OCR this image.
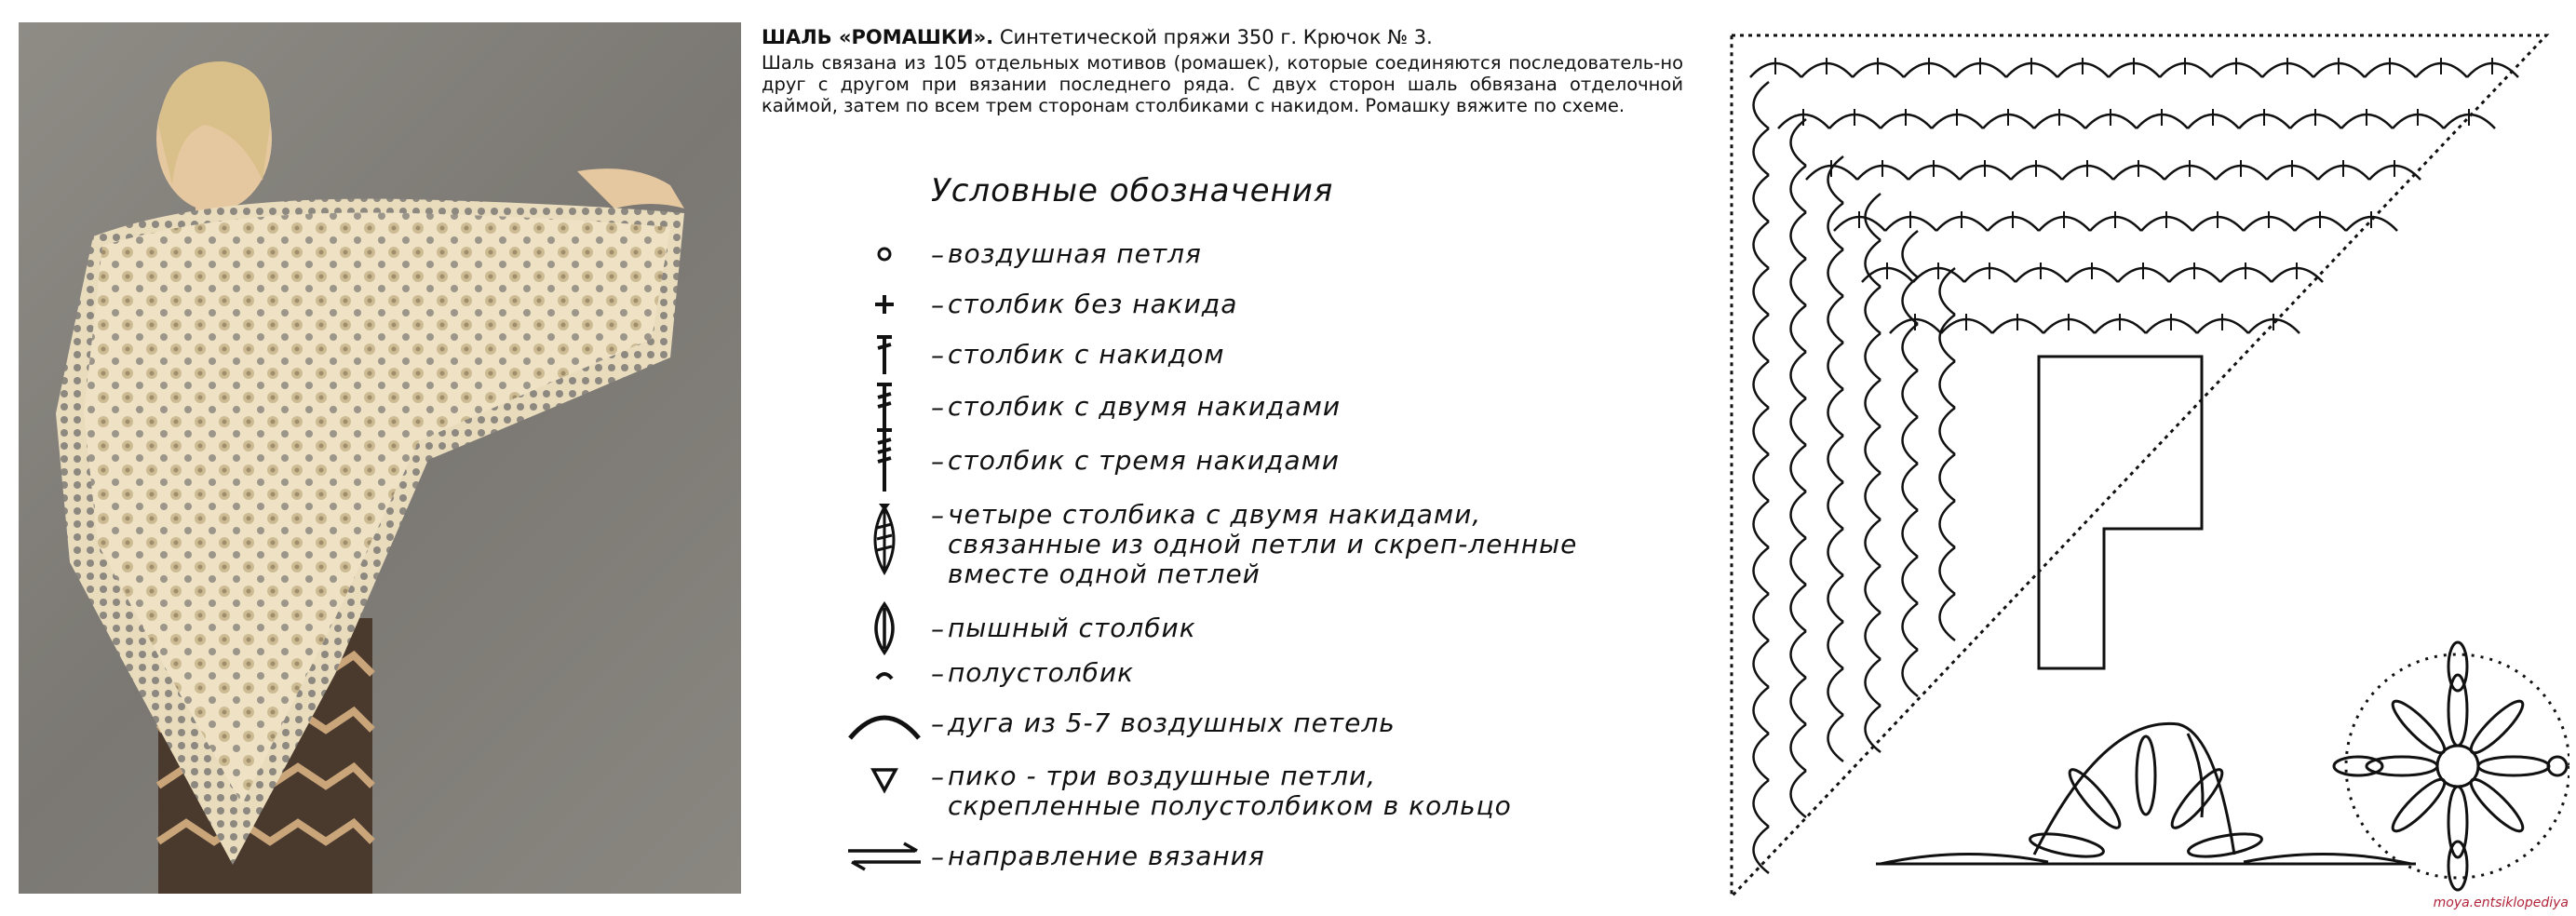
ШАЛЬ «РОМАШКИ». Синтетической пряжи 350 г. Крючок № 3.
Шаль связана из 105 отдельных мотивов (ромашек), которые соединяются последователь-но друг с другом при вязании последнего ряда. С двух сторон шаль обвязана отделочной каймой, затем по всем трем сторонам столбиками с накидом. Ромашку вяжите по схеме.
Условные обозначения
– воздушная петля
– столбик без накида
– столбик с накидом
– столбик с двумя накидами
– столбик с тремя накидами
– четыре столбика с двумя накидами, связанные из одной петли и скреп-ленные вместе одной петлей
– пышный столбик
– полустолбик
– дуга из 5-7 воздушных петель
– пико - три воздушные петли, скрепленные полустолбиком в кольцо
– направление вязания
moya.entsiklopediya
